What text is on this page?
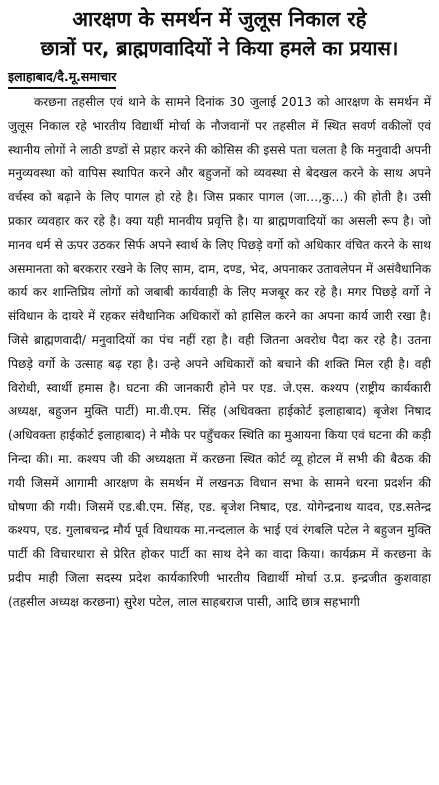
आरक्षण के समर्थन में जुलूस निकाल रहे
छात्रों पर, ब्राह्मणवादियों ने किया हमले का प्रयास।
इलाहाबाद/दै.मू.समाचार

करछना तहसील एवं थाने के सामने दिनांक 30 जुलाई 2013 को आरक्षण के समर्थन में जुलूस निकाल रहे भारतीय विद्यार्थी मोर्चा के नौजवानों पर तहसील में स्थित सवर्ण वकीलों एवं स्थानीय लोगों ने लाठी डण्डों से प्रहार करने की कोसिस की इससे पता चलता है कि मनुवादी अपनी मनुव्यवस्था को वापिस स्थापित करने और बहुजनों को व्यवस्था से बेदखल करने के साथ अपने वर्चस्व को बढ़ाने के लिए पागल हो रहे है। जिस प्रकार पागल (जा…,कु…) की होती है। उसी प्रकार व्यवहार कर रहे है। क्या यही मानवीय प्रवृत्ति है। या ब्राह्मणवादियों का असली रूप है। जो मानव धर्म से ऊपर उठकर सिर्फ अपने स्वार्थ के लिए पिछड़े वर्गो को अधिकार वंचित करने के साथ असमानता को बरकरार रखने के लिए साम, दाम, दण्ड, भेद, अपनाकर उतावलेपन में असंवैधानिक कार्य कर शान्तिप्रिय लोगों को जबाबी कार्यवाही के लिए मजबूर कर रहे है। मगर पिछड़े वर्गो ने संविधान के दायरे में रहकर संवैधानिक अधिकारों को हासिल करने का अपना कार्य जारी रखा है। जिसे ब्राह्मणवादी/ मनुवादियों का पंच नहीं रहा है। वही जितना अवरोध पैदा कर रहे है। उतना पिछड़े वर्गो के उत्साह बढ़ रहा है। उन्हे अपने अधिकारों को बचाने की शक्ति मिल रही है। वही विरोधी, स्वार्थी हमास है। घटना की जानकारी होने पर एड. जे.एस. कश्यप (राष्ट्रीय कार्यकारी अध्यक्ष, बहुजन मुक्ति पार्टी) मा.वी.एम. सिंह (अधिवक्ता हाईकोर्ट इलाहाबाद) बृजेश निषाद (अधिवक्ता हाईकोर्ट इलाहाबाद) ने मौके पर पहुँचकर स्थिति का मुआयना किया एवं घटना की कड़ी निन्दा की। मा. कश्यप जी की अध्यक्षता में करछना स्थित कोर्ट व्यू होटल में सभी की बैठक की गयी जिसमें आगामी आरक्षण के समर्थन में लखनऊ विधान सभा के सामने धरना प्रदर्शन की घोषणा की गयी। जिसमें एड.बी.एम. सिंह, एड. बृजेश निषाद, एड. योगेन्द्रनाथ यादव, एड.सतेन्द्र कश्यप, एड. गुलाबचन्द्र मौर्य पूर्व विधायक मा.नन्दलाल के भाई एवं रंगबलि पटेल ने बहुजन मुक्ति पार्टी की विचारधारा से प्रेरित होकर पार्टी का साथ देने का वादा किया। कार्यक्रम में करछना के प्रदीप माही जिला सदस्य प्रदेश कार्यकारिणी भारतीय विद्यार्थी मोर्चा उ.प्र. इन्द्रजीत कुशवाहा (तहसील अध्यक्ष करछना) सुरेश पटेल, लाल साहबराज पासी, आदि छात्र सहभागी
